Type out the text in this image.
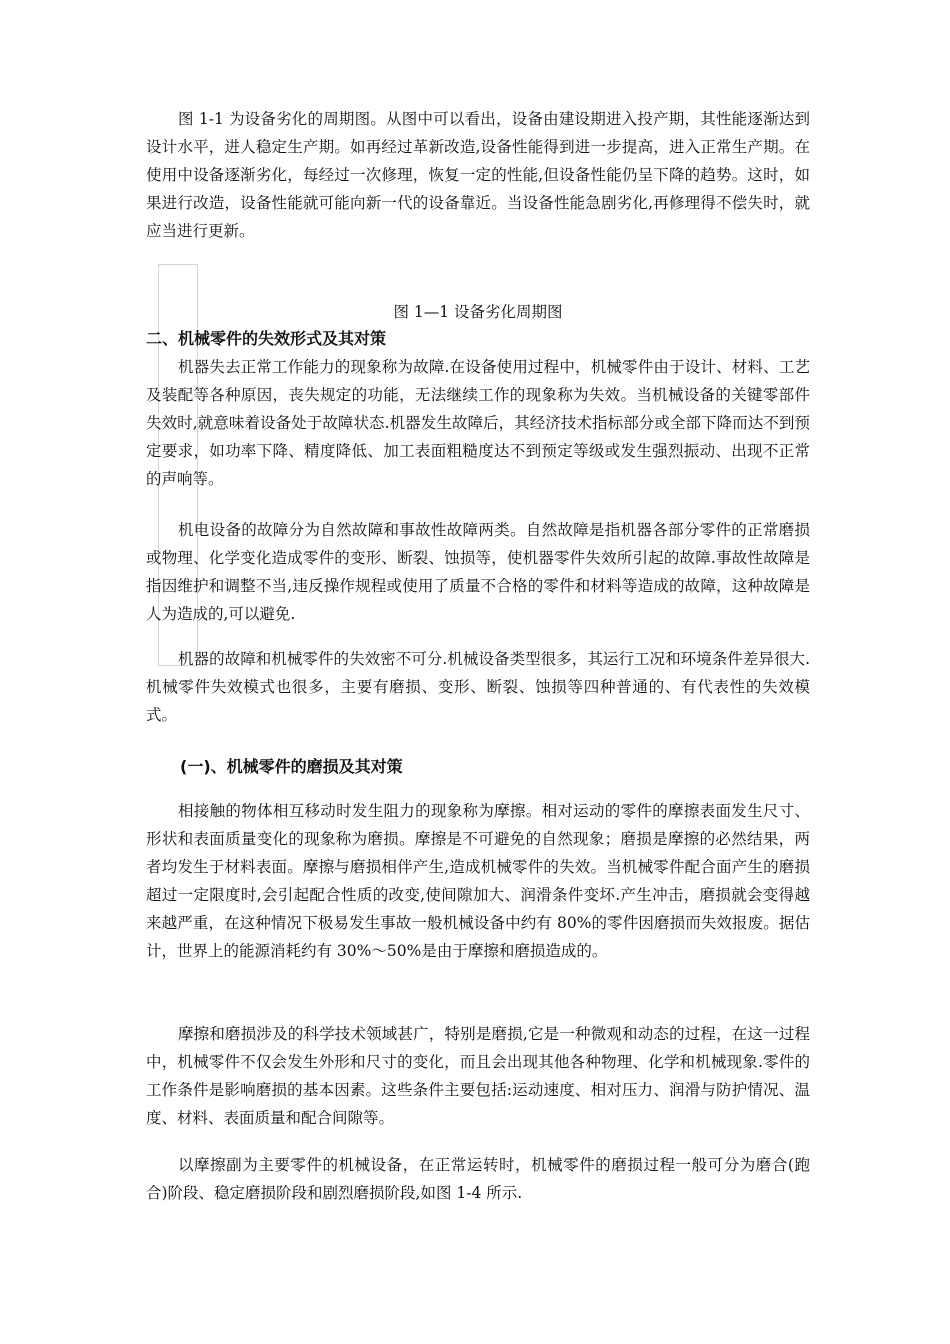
图 1-1 为设备劣化的周期图。从图中可以看出，设备由建设期进入投产期，其性能逐渐达到设计水平，进人稳定生产期。如再经过革新改造,设备性能得到进一步提高，进入正常生产期。在使用中设备逐渐劣化，每经过一次修理，恢复一定的性能,但设备性能仍呈下降的趋势。这时，如果进行改造，设备性能就可能向新一代的设备靠近。当设备性能急剧劣化,再修理得不偿失时，就应当进行更新。

图 1—1 设备劣化周期图

二、机械零件的失效形式及其对策

机器失去正常工作能力的现象称为故障.在设备使用过程中，机械零件由于设计、材料、工艺及装配等各种原因，丧失规定的功能，无法继续工作的现象称为失效。当机械设备的关键零部件失效时,就意味着设备处于故障状态.机器发生故障后，其经济技术指标部分或全部下降而达不到预定要求，如功率下降、精度降低、加工表面粗糙度达不到预定等级或发生强烈振动、出现不正常的声响等。

机电设备的故障分为自然故障和事故性故障两类。自然故障是指机器各部分零件的正常磨损或物理、化学变化造成零件的变形、断裂、蚀损等，使机器零件失效所引起的故障.事故性故障是指因维护和调整不当,违反操作规程或使用了质量不合格的零件和材料等造成的故障，这种故障是人为造成的,可以避免.

机器的故障和机械零件的失效密不可分.机械设备类型很多，其运行工况和环境条件差异很大.机械零件失效模式也很多，主要有磨损、变形、断裂、蚀损等四种普通的、有代表性的失效模式。

(一)、机械零件的磨损及其对策

相接触的物体相互移动时发生阻力的现象称为摩擦。相对运动的零件的摩擦表面发生尺寸、形状和表面质量变化的现象称为磨损。摩擦是不可避免的自然现象；磨损是摩擦的必然结果，两者均发生于材料表面。摩擦与磨损相伴产生,造成机械零件的失效。当机械零件配合面产生的磨损超过一定限度时,会引起配合性质的改变,使间隙加大、润滑条件变坏.产生冲击，磨损就会变得越来越严重，在这种情况下极易发生事故一般机械设备中约有 80%的零件因磨损而失效报废。据估计，世界上的能源消耗约有 30%～50%是由于摩擦和磨损造成的。

摩擦和磨损涉及的科学技术领域甚广，特别是磨损,它是一种微观和动态的过程，在这一过程中，机械零件不仅会发生外形和尺寸的变化，而且会出现其他各种物理、化学和机械现象.零件的工作条件是影响磨损的基本因素。这些条件主要包括:运动速度、相对压力、润滑与防护情况、温度、材料、表面质量和配合间隙等。

以摩擦副为主要零件的机械设备，在正常运转时，机械零件的磨损过程一般可分为磨合(跑合)阶段、稳定磨损阶段和剧烈磨损阶段,如图 1-4 所示.
